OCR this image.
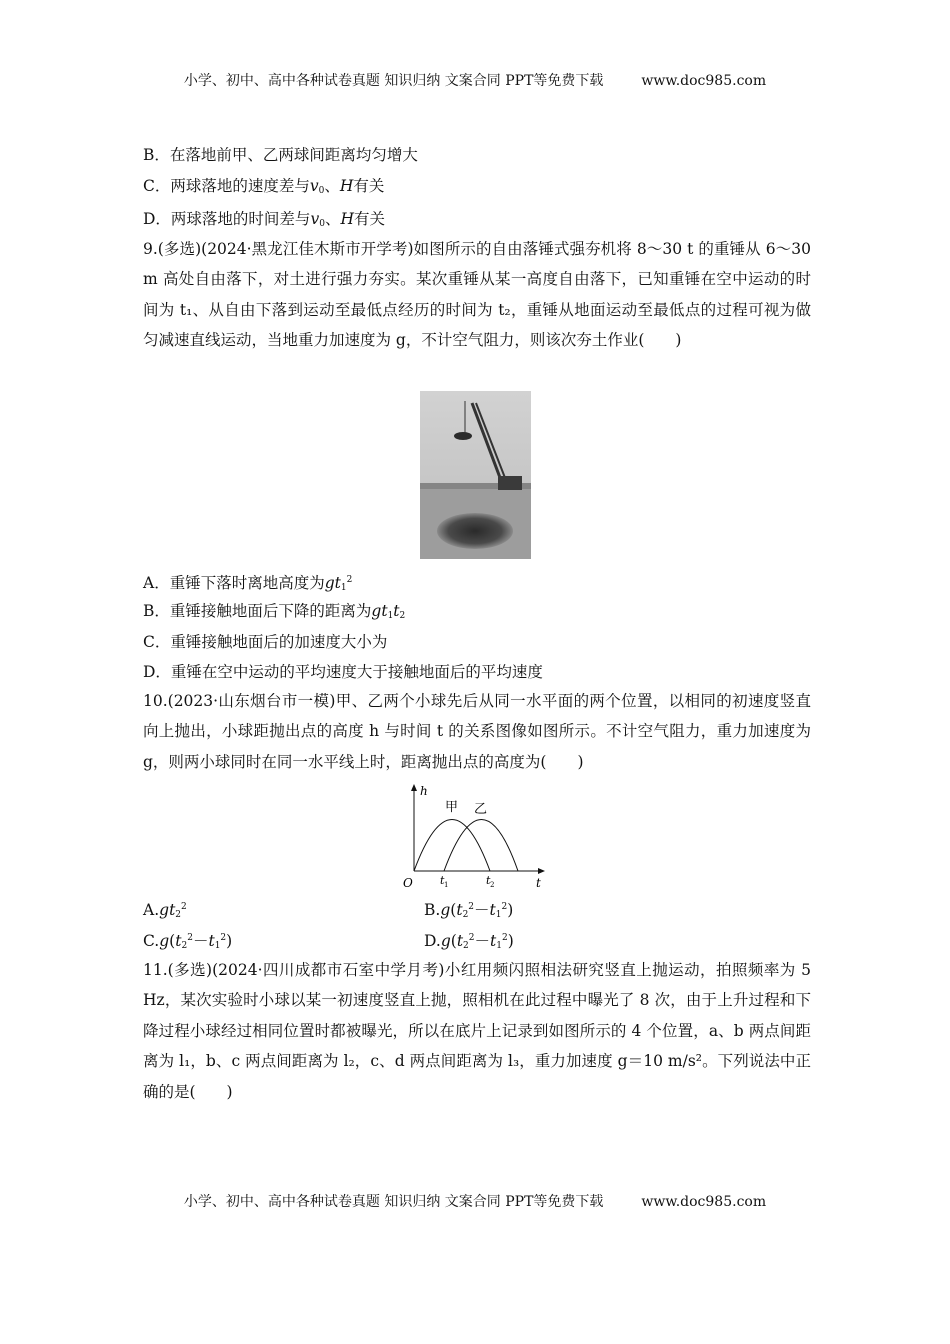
小学、初中、高中各种试卷真题 知识归纳 文案合同 PPT等免费下载	www.doc985.com
B．在落地前甲、乙两球间距离均匀增大
C．两球落地的速度差与$v_0$、H有关
D．两球落地的时间差与$v_0$、H有关
9.(多选)(2024·黑龙江佳木斯市开学考)如图所示的自由落锤式强夯机将 8～30 t 的重锤从 6～30 m 高处自由落下，对土进行强力夯实。某次重锤从某一高度自由落下，已知重锤在空中运动的时间为 t₁、从自由下落到运动至最低点经历的时间为 t₂，重锤从地面运动至最低点的过程可视为做匀减速直线运动，当地重力加速度为 g，不计空气阻力，则该次夯土作业(　　)
A．重锤下落时离地高度为$gt_1^2$
B．重锤接触地面后下降的距离为$gt_1t_2$
C．重锤接触地面后的加速度大小为
D．重锤在空中运动的平均速度大于接触地面后的平均速度
10.(2023·山东烟台市一模)甲、乙两个小球先后从同一水平面的两个位置，以相同的初速度竖直向上抛出，小球距抛出点的高度 h 与时间 t 的关系图像如图所示。不计空气阻力，重力加速度为 g，则两小球同时在同一水平线上时，距离抛出点的高度为(　　)
h
t
O
甲 乙
t 1	t 2
$A.gt_2^2$	$B.g(t_2^2-t_1^2)$
$C.g(t_2^2-t_1^2)$	$D.g(t_2^2-t_1^2)$
11.(多选)(2024·四川成都市石室中学月考)小红用频闪照相法研究竖直上抛运动，拍照频率为 5 Hz，某次实验时小球以某一初速度竖直上抛，照相机在此过程中曝光了 8 次，由于上升过程和下降过程小球经过相同位置时都被曝光，所以在底片上记录到如图所示的 4 个位置，a、b 两点间距离为 l₁，b、c 两点间距离为 l₂，c、d 两点间距离为 l₃，重力加速度 g＝10 m/s²。下列说法中正确的是(　　)
小学、初中、高中各种试卷真题 知识归纳 文案合同 PPT等免费下载	www.doc985.com
